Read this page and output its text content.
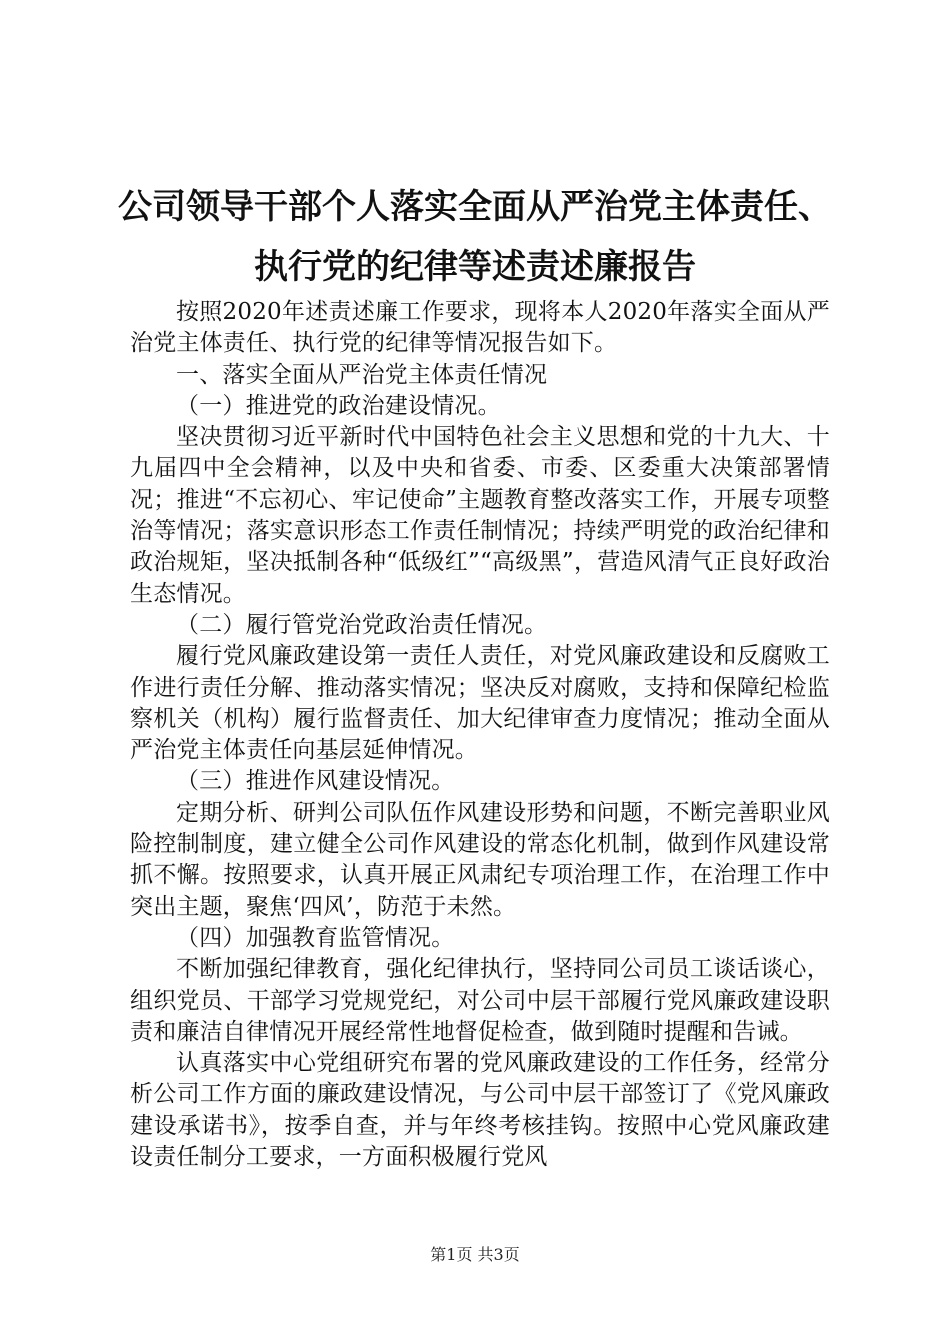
公司领导干部个人落实全面从严治党主体责任、
执行党的纪律等述责述廉报告

按照2020年述责述廉工作要求，现将本人2020年落实全面从严治党主体责任、执行党的纪律等情况报告如下。

一、落实全面从严治党主体责任情况

（一）推进党的政治建设情况。

坚决贯彻习近平新时代中国特色社会主义思想和党的十九大、十九届四中全会精神，以及中央和省委、市委、区委重大决策部署情况；推进“不忘初心、牢记使命”主题教育整改落实工作，开展专项整治等情况；落实意识形态工作责任制情况；持续严明党的政治纪律和政治规矩，坚决抵制各种“低级红”“高级黑”，营造风清气正良好政治生态情况。

（二）履行管党治党政治责任情况。

履行党风廉政建设第一责任人责任，对党风廉政建设和反腐败工作进行责任分解、推动落实情况；坚决反对腐败，支持和保障纪检监察机关（机构）履行监督责任、加大纪律审查力度情况；推动全面从严治党主体责任向基层延伸情况。

（三）推进作风建设情况。

定期分析、研判公司队伍作风建设形势和问题，不断完善职业风险控制制度，建立健全公司作风建设的常态化机制，做到作风建设常抓不懈。按照要求，认真开展正风肃纪专项治理工作，在治理工作中突出主题，聚焦‘四风’，防范于未然。

（四）加强教育监管情况。

不断加强纪律教育，强化纪律执行，坚持同公司员工谈话谈心，组织党员、干部学习党规党纪，对公司中层干部履行党风廉政建设职责和廉洁自律情况开展经常性地督促检查，做到随时提醒和告诫。

认真落实中心党组研究布署的党风廉政建设的工作任务，经常分析公司工作方面的廉政建设情况，与公司中层干部签订了《党风廉政建设承诺书》，按季自查，并与年终考核挂钩。按照中心党风廉政建设责任制分工要求，一方面积极履行党风

第1页 共3页
